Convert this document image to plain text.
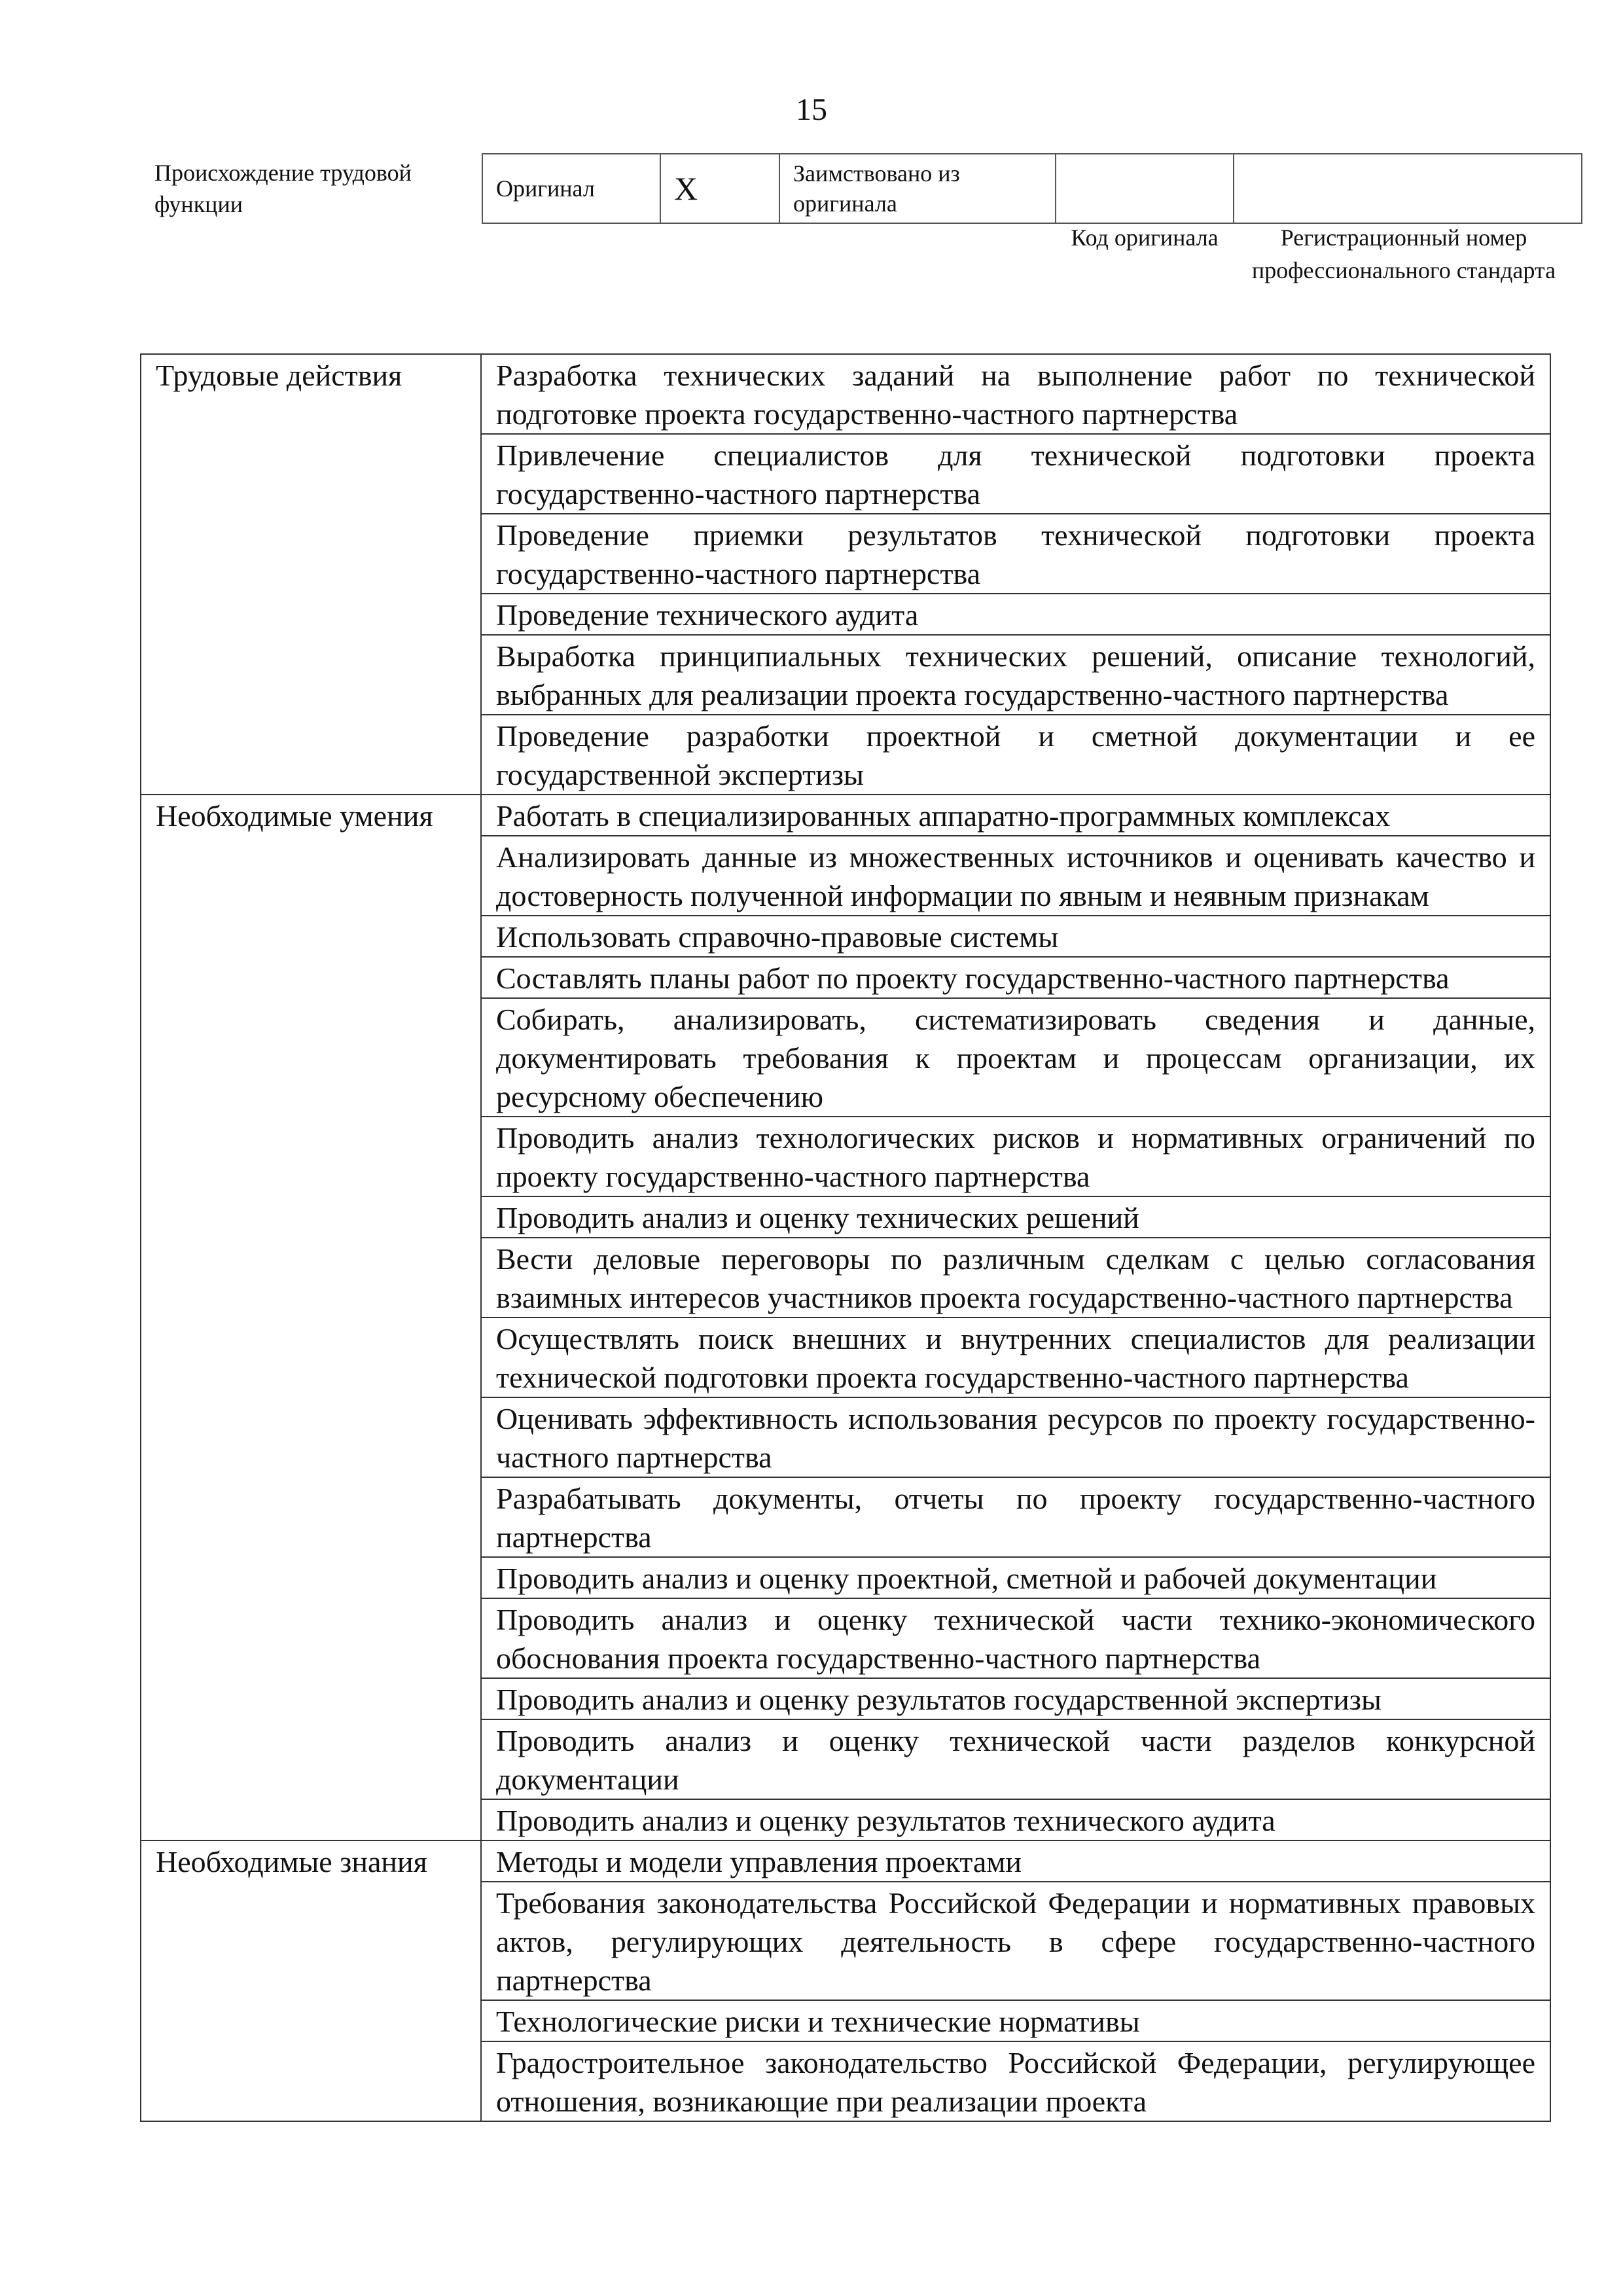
15
Происхождение трудовой функции
Оригинал	X	Заимствовано из оригинала		
Код оригинала	Регистрационный номер профессионального стандарта
Трудовые действия	Разработка технических заданий на выполнение работ по технической подготовке проекта государственно-частного партнерства
	Привлечение специалистов для технической подготовки проекта государственно-частного партнерства
	Проведение приемки результатов технической подготовки проекта государственно-частного партнерства
	Проведение технического аудита
	Выработка принципиальных технических решений, описание технологий, выбранных для реализации проекта государственно-частного партнерства
	Проведение разработки проектной и сметной документации и ее государственной экспертизы
Необходимые умения	Работать в специализированных аппаратно-программных комплексах
	Анализировать данные из множественных источников и оценивать качество и достоверность полученной информации по явным и неявным признакам
	Использовать справочно-правовые системы
	Составлять планы работ по проекту государственно-частного партнерства
	Собирать, анализировать, систематизировать сведения и данные, документировать требования к проектам и процессам организации, их ресурсному обеспечению
	Проводить анализ технологических рисков и нормативных ограничений по проекту государственно-частного партнерства
	Проводить анализ и оценку технических решений
	Вести деловые переговоры по различным сделкам с целью согласования взаимных интересов участников проекта государственно-частного партнерства
	Осуществлять поиск внешних и внутренних специалистов для реализации технической подготовки проекта государственно-частного партнерства
	Оценивать эффективность использования ресурсов по проекту государственно-частного партнерства
	Разрабатывать документы, отчеты по проекту государственно-частного партнерства
	Проводить анализ и оценку проектной, сметной и рабочей документации
	Проводить анализ и оценку технической части технико-экономического обоснования проекта государственно-частного партнерства
	Проводить анализ и оценку результатов государственной экспертизы
	Проводить анализ и оценку технической части разделов конкурсной документации
	Проводить анализ и оценку результатов технического аудита
Необходимые знания	Методы и модели управления проектами
	Требования законодательства Российской Федерации и нормативных правовых актов, регулирующих деятельность в сфере государственно-частного партнерства
	Технологические риски и технические нормативы
	Градостроительное законодательство Российской Федерации, регулирующее отношения, возникающие при реализации проекта
